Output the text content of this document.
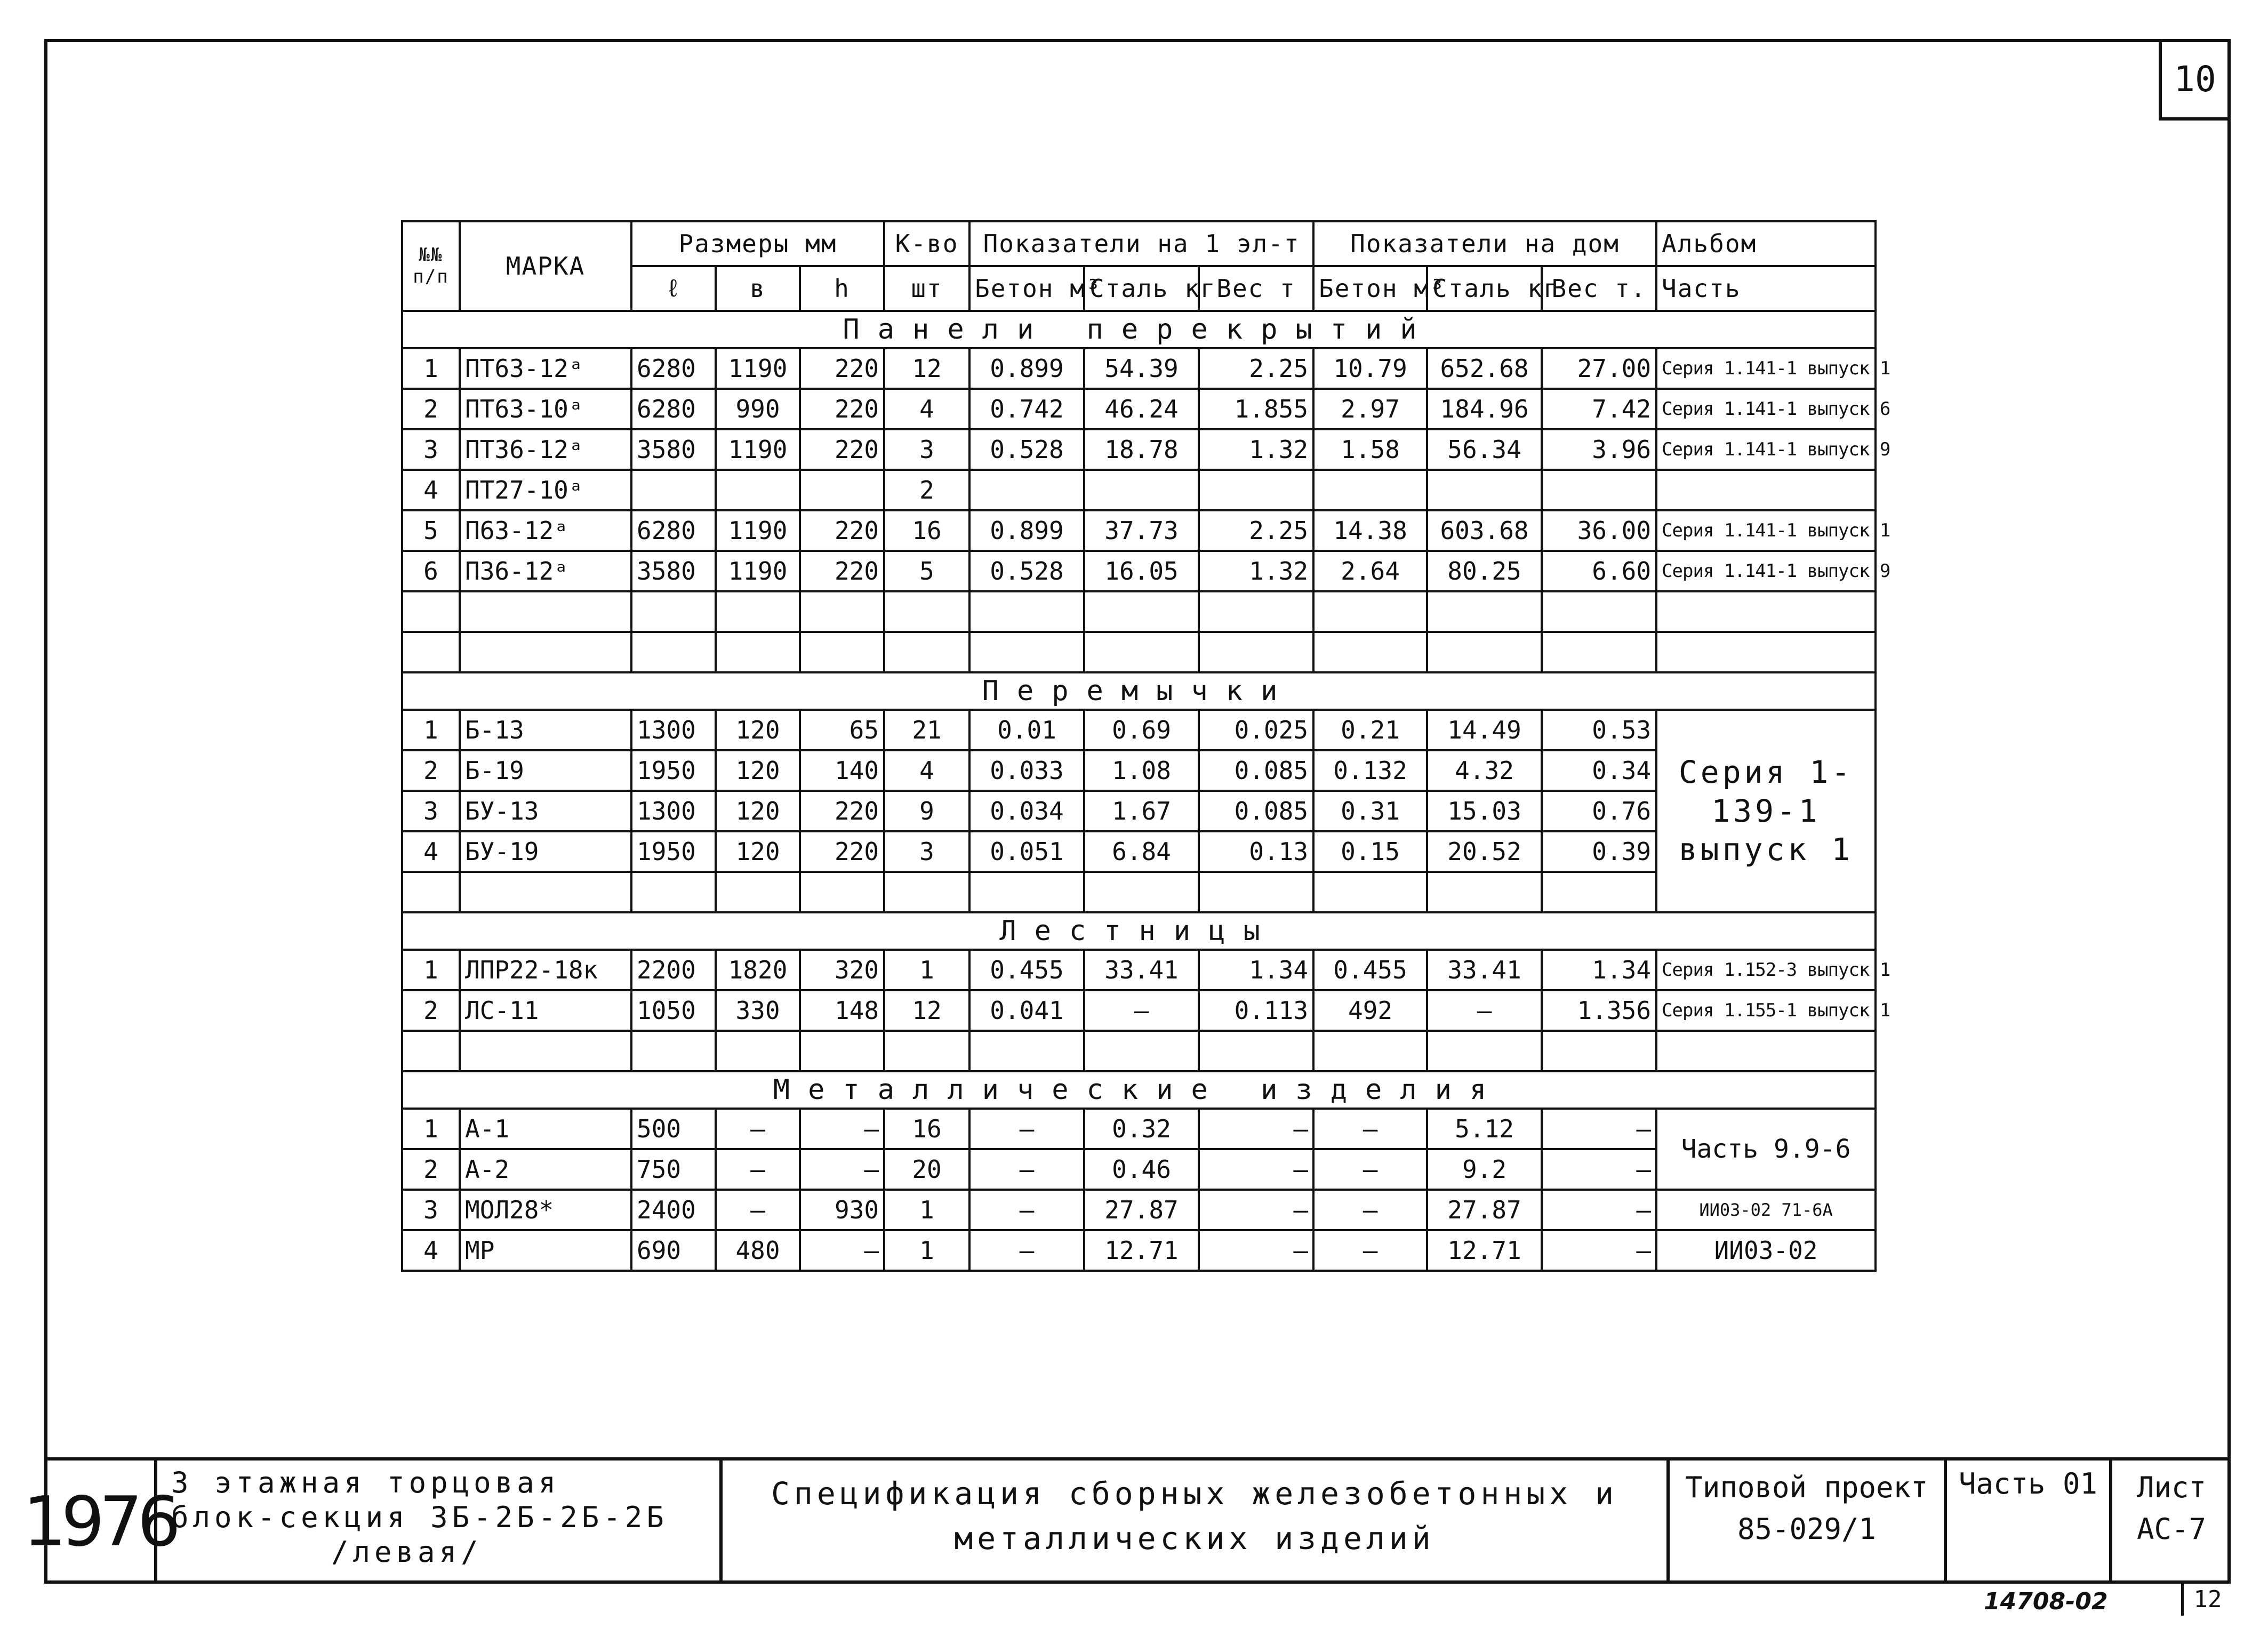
10
№№ п/п	МАРКА	Размеры мм			К-во	Показатели на 1 эл-т			Показатели на дом			Альбом
		ℓ	в	h	шт	Бетон м³	Сталь кг	Вес т	Бетон м³	Сталь кг	Вес т.	Часть
Панели перекрытий												
1	ПТ63-12ᵃ	6280	1190	220	12	0.899	54.39	2.25	10.79	652.68	27.00	Серия 1.141-1 выпуск 1
2	ПТ63-10ᵃ	6280	990	220	4	0.742	46.24	1.855	2.97	184.96	7.42	Серия 1.141-1 выпуск 6
3	ПТ36-12ᵃ	3580	1190	220	3	0.528	18.78	1.32	1.58	56.34	3.96	Серия 1.141-1 выпуск 9
4	ПТ27-10ᵃ				2							
5	П63-12ᵃ	6280	1190	220	16	0.899	37.73	2.25	14.38	603.68	36.00	Серия 1.141-1 выпуск 1
6	П36-12ᵃ	3580	1190	220	5	0.528	16.05	1.32	2.64	80.25	6.60	Серия 1.141-1 выпуск 9

Перемычки												
1	Б-13	1300	120	65	21	0.01	0.69	0.025	0.21	14.49	0.53	Серия 1-139-1 выпуск 1
2	Б-19	1950	120	140	4	0.033	1.08	0.085	0.132	4.32	0.34	
3	БУ-13	1300	120	220	9	0.034	1.67	0.085	0.31	15.03	0.76	
4	БУ-19	1950	120	220	3	0.051	6.84	0.13	0.15	20.52	0.39	

Лестницы												
1	ЛПР22-18к	2200	1820	320	1	0.455	33.41	1.34	0.455	33.41	1.34	Серия 1.152-3 выпуск 1
2	ЛС-11	1050	330	148	12	0.041	—	0.113	492	—	1.356	Серия 1.155-1 выпуск 1

Металлические изделия												
1	А-1	500	—	—	16	—	0.32	—	—	5.12	—	Часть 9.9-6
2	А-2	750	—	—	20	—	0.46	—	—	9.2	—	
3	МОЛ28*	2400	—	930	1	—	27.87	—	—	27.87	—	ИИ03-02 71-6А
4	МР	690	480	—	1	—	12.71	—	—	12.71	—	ИИ03-02
1976
3 этажная торцовая
блок-секция 3Б-2Б-2Б-2Б
/левая/
Спецификация сборных железобетонных и
металлических изделий
Типовой проект
85-029/1
Часть 01	Лист
АС-7
14708-02	12
